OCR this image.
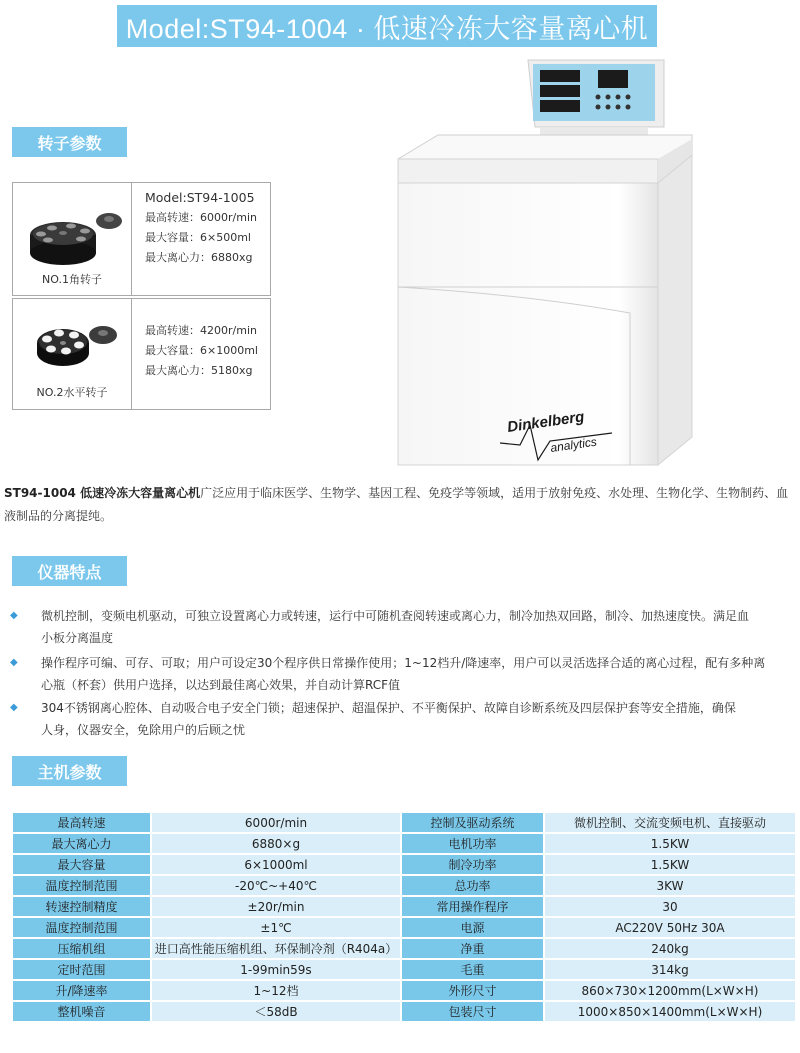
Model:ST94-1004 · 低速冷冻大容量离心机
转子参数
NO.1角转子
Model:ST94-1005
最高转速：6000r/min
最大容量：6×500ml
最大离心力：6880xg
NO.2水平转子
最高转速：4200r/min
最大容量：6×1000ml
最大离心力：5180xg
Dinkelberg
analytics
ST94-1004 低速冷冻大容量离心机广泛应用于临床医学、生物学、基因工程、免疫学等领域，适用于放射免疫、水处理、生物化学、生物制药、血液制品的分离提纯。
仪器特点
◆ 微机控制，变频电机驱动，可独立设置离心力或转速，运行中可随机查阅转速或离心力，制冷加热双回路，制冷、加热速度快。满足血
小板分离温度
◆ 操作程序可编、可存、可取；用户可设定30个程序供日常操作使用；1~12档升/降速率，用户可以灵活选择合适的离心过程，配有多种离
心瓶（杯套）供用户选择，以达到最佳离心效果，并自动计算RCF值
◆ 304不锈钢离心腔体、自动吸合电子安全门锁；超速保护、超温保护、不平衡保护、故障自诊断系统及四层保护套等安全措施，确保
人身，仪器安全，免除用户的后顾之忧
主机参数
最高转速	6000r/min	控制及驱动系统	微机控制、交流变频电机、直接驱动
最大离心力	6880×g	电机功率	1.5KW
最大容量	6×1000ml	制冷功率	1.5KW
温度控制范围	-20℃~+40℃	总功率	3KW
转速控制精度	±20r/min	常用操作程序	30
温度控制范围	±1℃	电源	AC220V 50Hz 30A
压缩机组	进口高性能压缩机组、环保制冷剂（R404a）	净重	240kg
定时范围	1-99min59s	毛重	314kg
升/降速率	1~12档	外形尺寸	860×730×1200mm(L×W×H)
整机噪音	＜58dB	包装尺寸	1000×850×1400mm(L×W×H)
